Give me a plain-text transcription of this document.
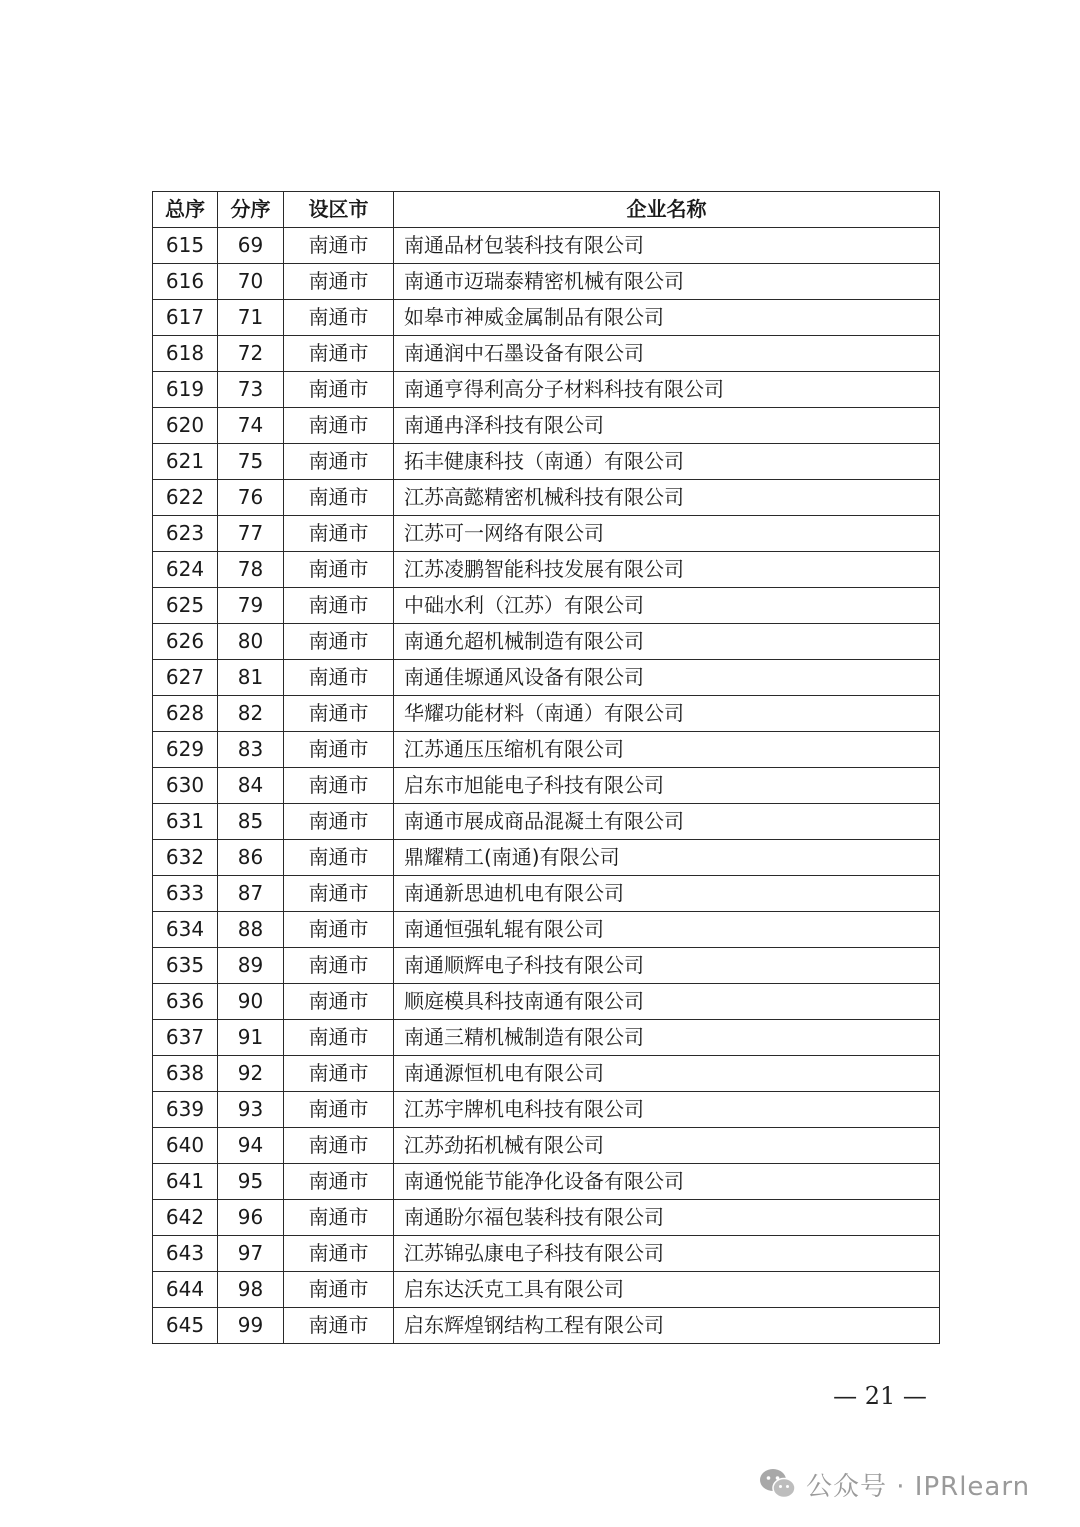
总序	分序	设区市	企业名称
615	69	南通市	南通品材包装科技有限公司
616	70	南通市	南通市迈瑞泰精密机械有限公司
617	71	南通市	如皋市神威金属制品有限公司
618	72	南通市	南通润中石墨设备有限公司
619	73	南通市	南通亨得利高分子材料科技有限公司
620	74	南通市	南通冉泽科技有限公司
621	75	南通市	拓丰健康科技（南通）有限公司
622	76	南通市	江苏高懿精密机械科技有限公司
623	77	南通市	江苏可一网络有限公司
624	78	南通市	江苏凌鹏智能科技发展有限公司
625	79	南通市	中础水利（江苏）有限公司
626	80	南通市	南通允超机械制造有限公司
627	81	南通市	南通佳塬通风设备有限公司
628	82	南通市	华耀功能材料（南通）有限公司
629	83	南通市	江苏通压压缩机有限公司
630	84	南通市	启东市旭能电子科技有限公司
631	85	南通市	南通市展成商品混凝土有限公司
632	86	南通市	鼎耀精工(南通)有限公司
633	87	南通市	南通新思迪机电有限公司
634	88	南通市	南通恒强轧辊有限公司
635	89	南通市	南通顺辉电子科技有限公司
636	90	南通市	顺庭模具科技南通有限公司
637	91	南通市	南通三精机械制造有限公司
638	92	南通市	南通源恒机电有限公司
639	93	南通市	江苏宇牌机电科技有限公司
640	94	南通市	江苏劲拓机械有限公司
641	95	南通市	南通悦能节能净化设备有限公司
642	96	南通市	南通盼尔福包装科技有限公司
643	97	南通市	江苏锦弘康电子科技有限公司
644	98	南通市	启东达沃克工具有限公司
645	99	南通市	启东辉煌钢结构工程有限公司
— 21 —
公众号 · IPRlearn
